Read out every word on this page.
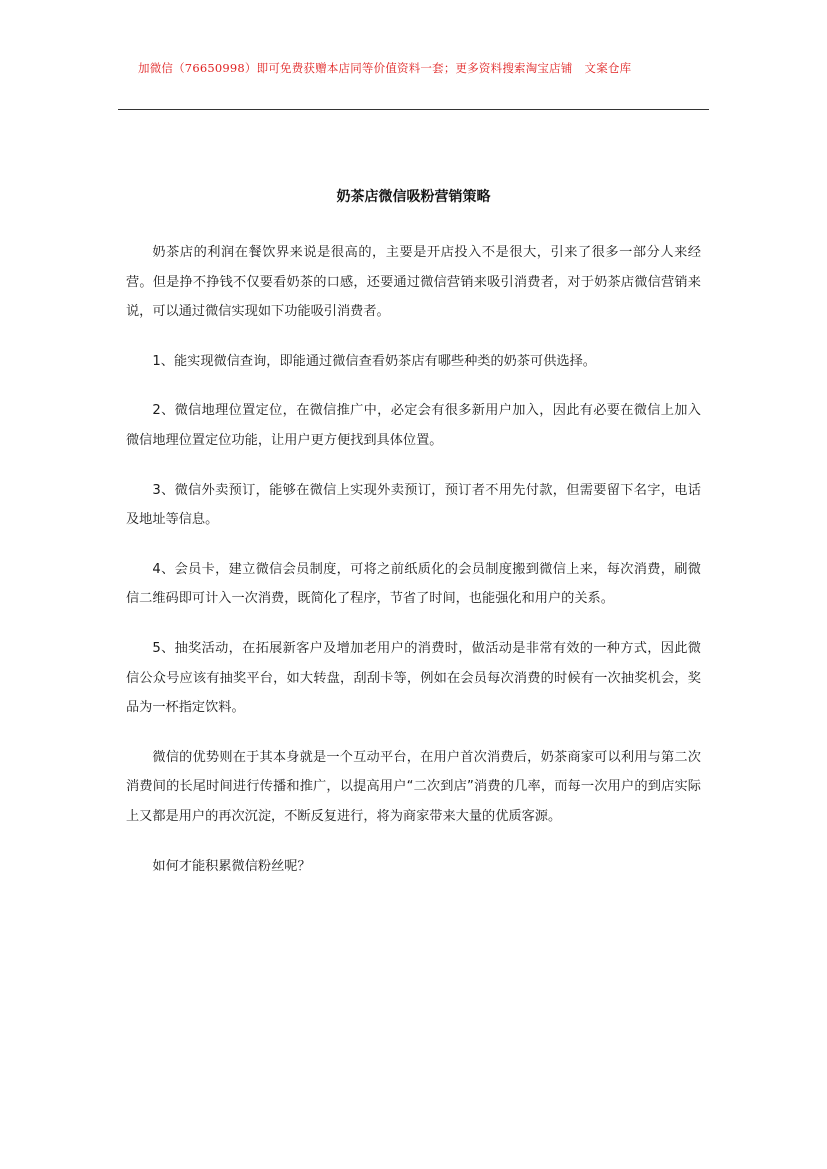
加微信（76650998）即可免费获赠本店同等价值资料一套；更多资料搜索淘宝店铺 文案仓库
奶茶店微信吸粉营销策略

奶茶店的利润在餐饮界来说是很高的，主要是开店投入不是很大，引来了很多一部分人来经营。但是挣不挣钱不仅要看奶茶的口感，还要通过微信营销来吸引消费者，对于奶茶店微信营销来说，可以通过微信实现如下功能吸引消费者。

1、能实现微信查询，即能通过微信查看奶茶店有哪些种类的奶茶可供选择。

2、微信地理位置定位，在微信推广中，必定会有很多新用户加入，因此有必要在微信上加入微信地理位置定位功能，让用户更方便找到具体位置。

3、微信外卖预订，能够在微信上实现外卖预订，预订者不用先付款，但需要留下名字，电话及地址等信息。

4、会员卡，建立微信会员制度，可将之前纸质化的会员制度搬到微信上来，每次消费，刷微信二维码即可计入一次消费，既简化了程序，节省了时间，也能强化和用户的关系。

5、抽奖活动，在拓展新客户及增加老用户的消费时，做活动是非常有效的一种方式，因此微信公众号应该有抽奖平台，如大转盘，刮刮卡等，例如在会员每次消费的时候有一次抽奖机会，奖品为一杯指定饮料。

微信的优势则在于其本身就是一个互动平台，在用户首次消费后，奶茶商家可以利用与第二次消费间的长尾时间进行传播和推广，以提高用户“二次到店”消费的几率，而每一次用户的到店实际上又都是用户的再次沉淀，不断反复进行，将为商家带来大量的优质客源。

如何才能积累微信粉丝呢？
